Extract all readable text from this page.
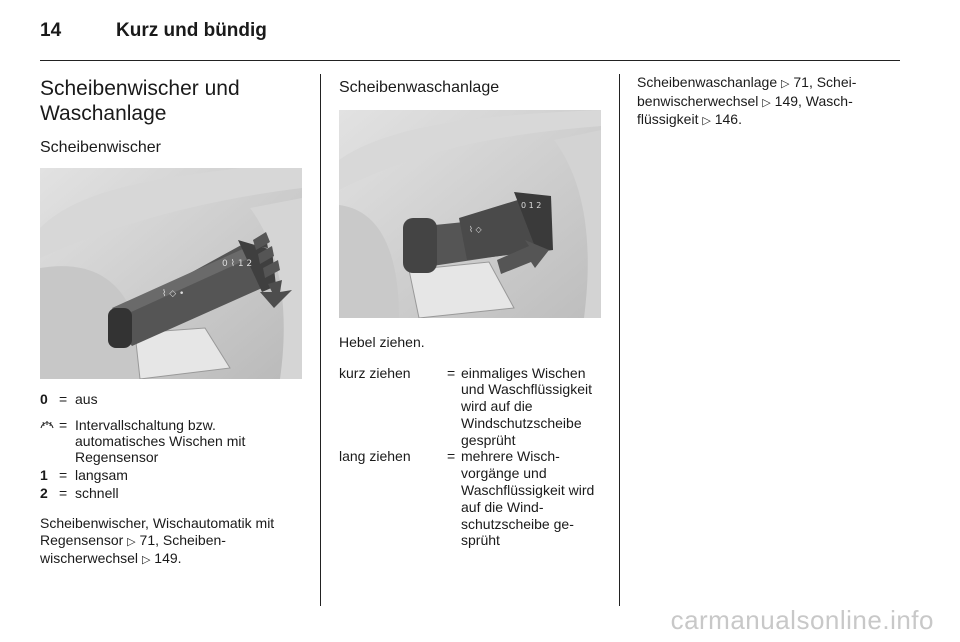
14	Kurz und bündig
Scheibenwischer und Waschanlage
Scheibenwischer
⌇ ◇ •
0 ⌇ 1 2
0 = aus
= Intervallschaltung bzw. automatisches Wischen mit Regensensor
1 = langsam
2 = schnell
Scheibenwischer, Wischautomatik mit Regensensor ▷ 71, Scheibenwischerwechsel ▷ 149.
Scheibenwaschanlage
⌇ ◇
0 1 2
Hebel ziehen.
kurz ziehen	= einmaliges Wischen und Waschflüssigkeit wird auf die Windschutzscheibe gesprüht
lang ziehen	= mehrere Wischvorgänge und Waschflüssigkeit wird auf die Windschutzscheibe gesprüht
Scheibenwaschanlage ▷ 71, Scheibenwischerwechsel ▷ 149, Waschflüssigkeit ▷ 146.
carmanualsonline.info
